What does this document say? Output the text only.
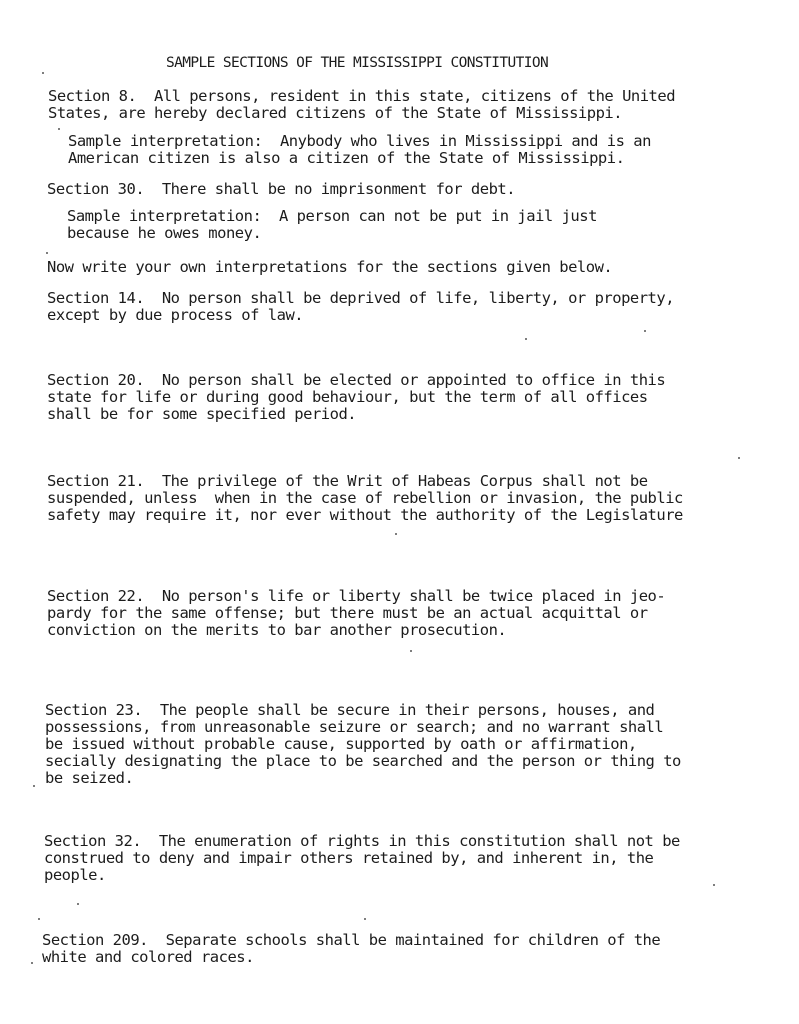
SAMPLE SECTIONS OF THE MISSISSIPPI CONSTITUTION
Section 8.  All persons, resident in this state, citizens of the United
States, are hereby declared citizens of the State of Mississippi.
Sample interpretation:  Anybody who lives in Mississippi and is an
American citizen is also a citizen of the State of Mississippi.
Section 30.  There shall be no imprisonment for debt.
Sample interpretation:  A person can not be put in jail just
because he owes money.
Now write your own interpretations for the sections given below.
Section 14.  No person shall be deprived of life, liberty, or property,
except by due process of law.
Section 20.  No person shall be elected or appointed to office in this
state for life or during good behaviour, but the term of all offices
shall be for some specified period.
Section 21.  The privilege of the Writ of Habeas Corpus shall not be
suspended, unless  when in the case of rebellion or invasion, the public
safety may require it, nor ever without the authority of the Legislature
Section 22.  No person's life or liberty shall be twice placed in jeo-
pardy for the same offense; but there must be an actual acquittal or
conviction on the merits to bar another prosecution.
Section 23.  The people shall be secure in their persons, houses, and
possessions, from unreasonable seizure or search; and no warrant shall
be issued without probable cause, supported by oath or affirmation,
secially designating the place to be searched and the person or thing to
be seized.
Section 32.  The enumeration of rights in this constitution shall not be
construed to deny and impair others retained by, and inherent in, the
people.
Section 209.  Separate schools shall be maintained for children of the
white and colored races.
